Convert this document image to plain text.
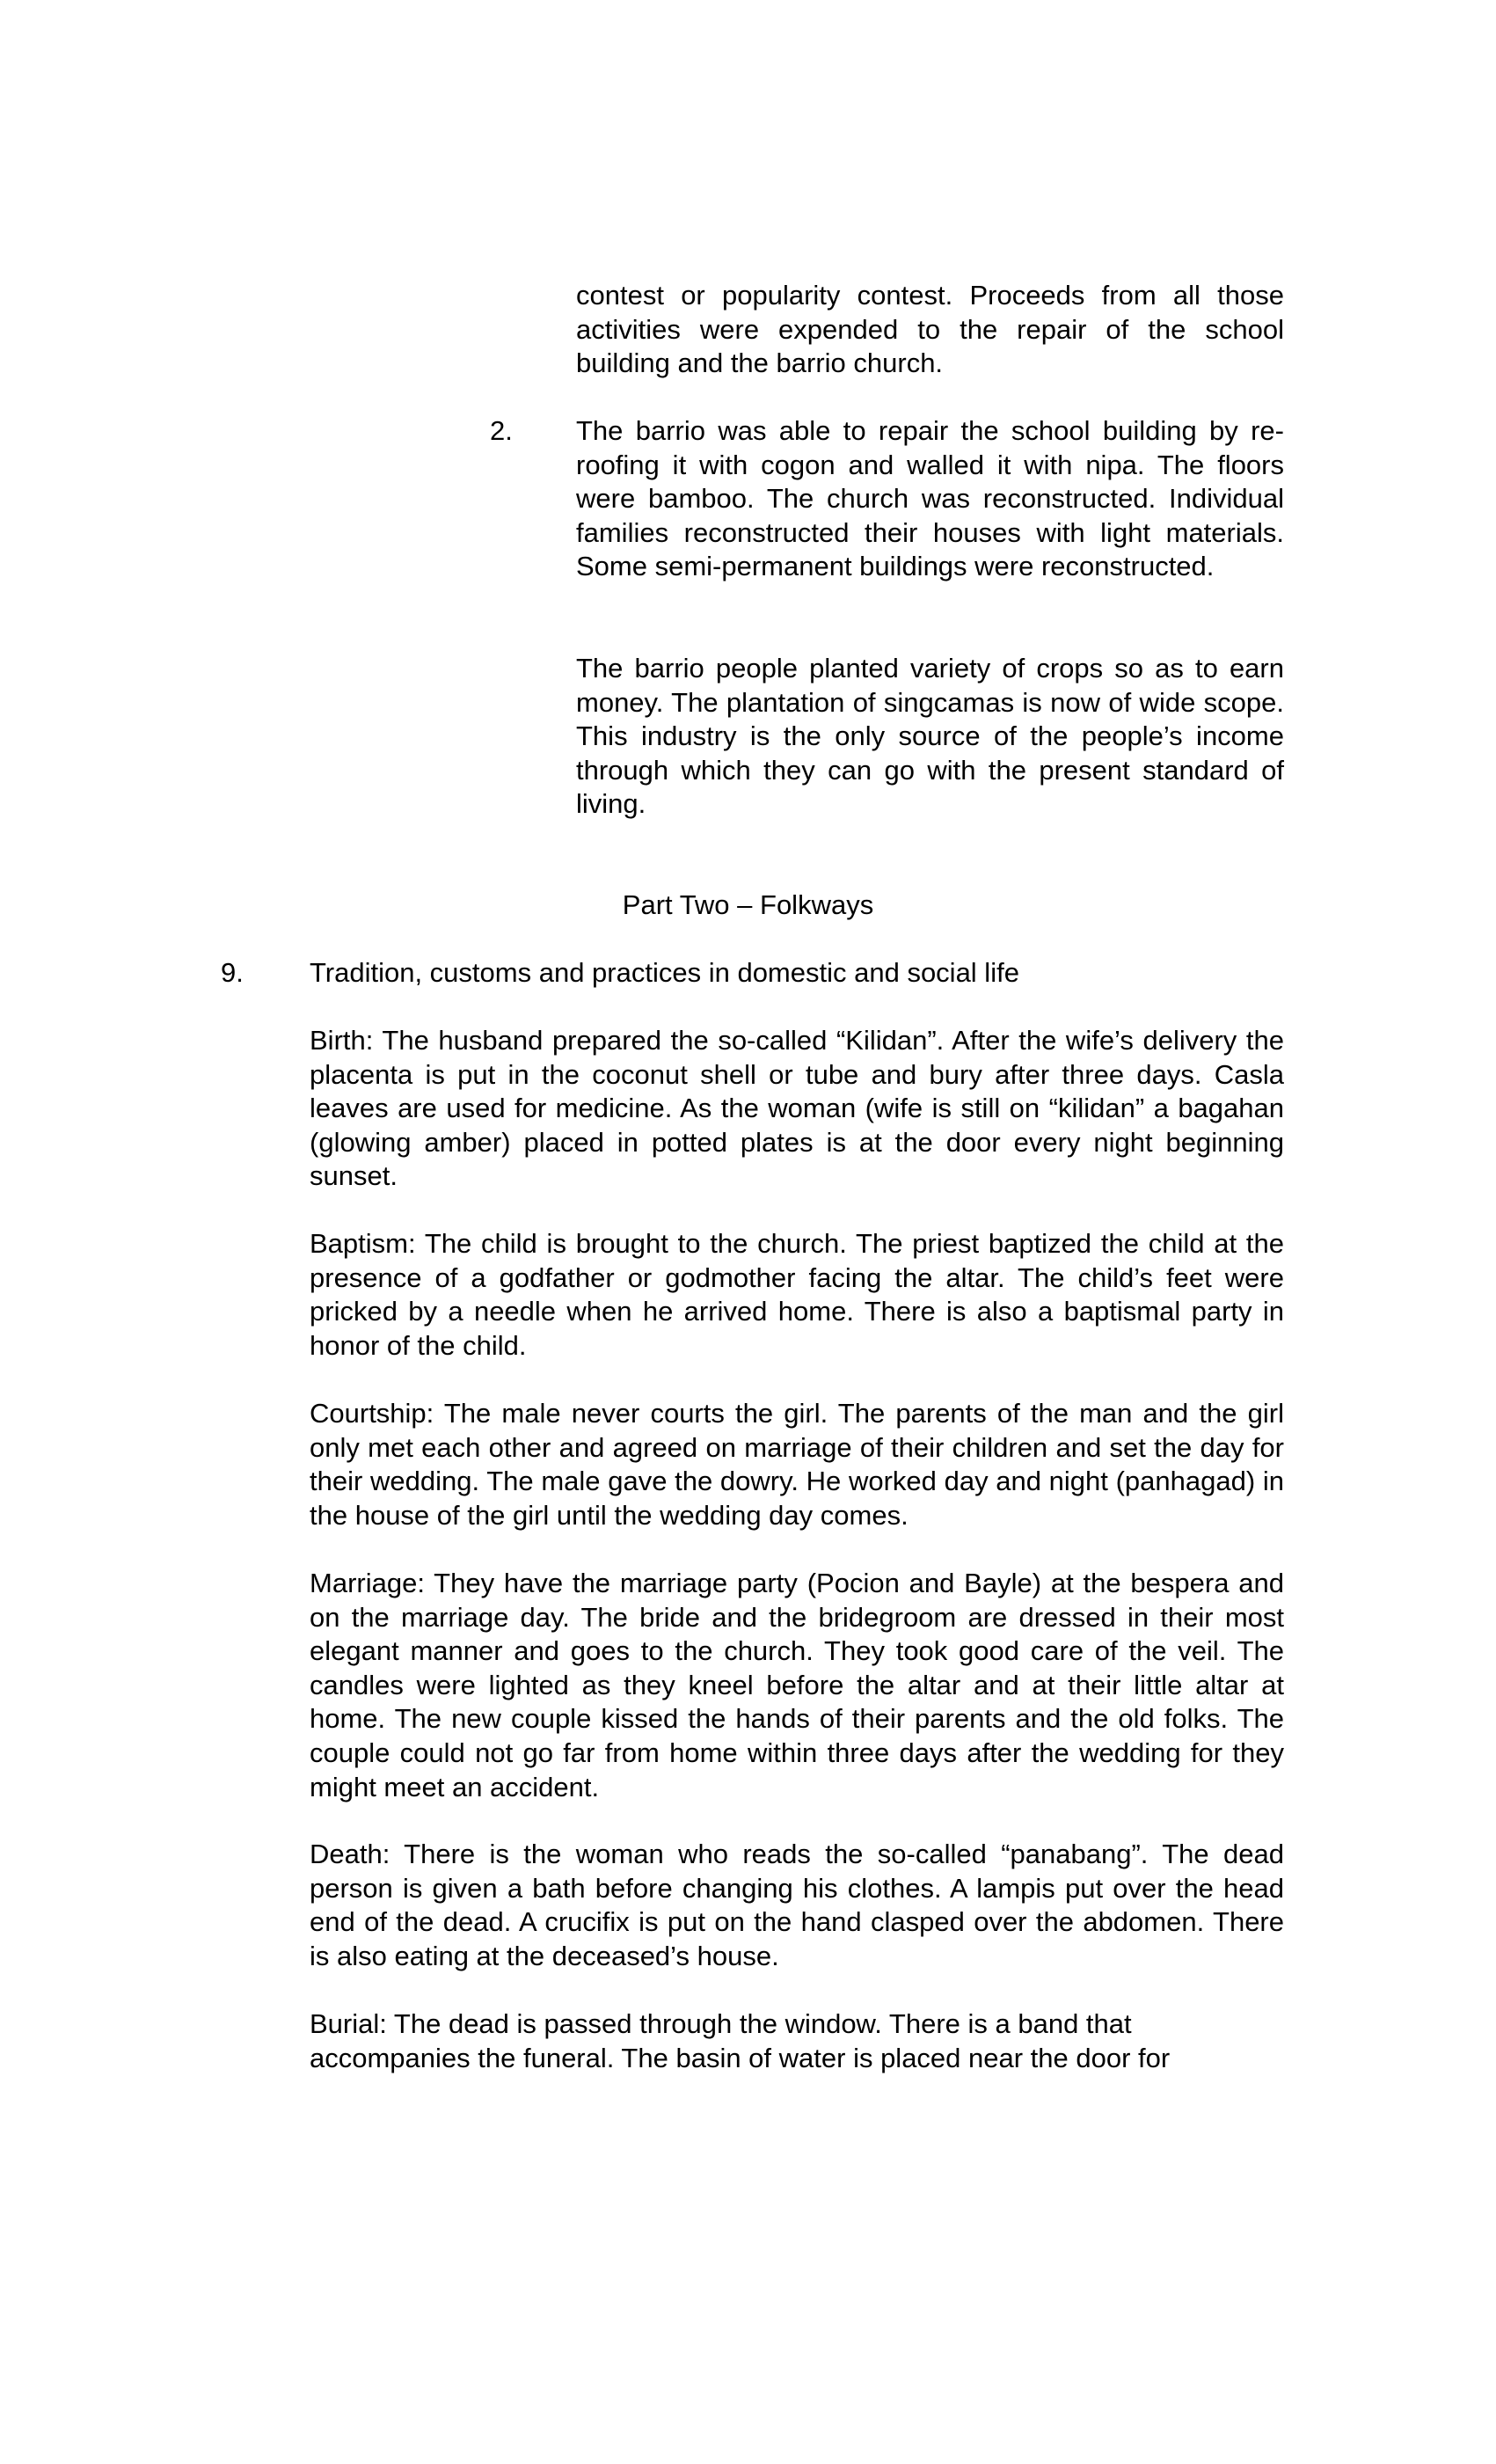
contest or popularity contest. Proceeds from all those activities were expended to the repair of the school building and the barrio church.

2. The barrio was able to repair the school building by re-roofing it with cogon and walled it with nipa. The floors were bamboo. The church was reconstructed. Individual families reconstructed their houses with light materials. Some semi-permanent buildings were reconstructed.

The barrio people planted variety of crops so as to earn money. The plantation of singcamas is now of wide scope. This industry is the only source of the people’s income through which they can go with the present standard of living.

Part Two – Folkways
9. Tradition, customs and practices in domestic and social life

Birth: The husband prepared the so-called “Kilidan”. After the wife’s delivery the placenta is put in the coconut shell or tube and bury after three days. Casla leaves are used for medicine. As the woman (wife is still on “kilidan” a bagahan (glowing amber) placed in potted plates is at the door every night beginning sunset.

Baptism: The child is brought to the church. The priest baptized the child at the presence of a godfather or godmother facing the altar. The child’s feet were pricked by a needle when he arrived home. There is also a baptismal party in honor of the child.

Courtship: The male never courts the girl. The parents of the man and the girl only met each other and agreed on marriage of their children and set the day for their wedding. The male gave the dowry. He worked day and night (panhagad) in the house of the girl until the wedding day comes.

Marriage: They have the marriage party (Pocion and Bayle) at the bespera and on the marriage day. The bride and the bridegroom are dressed in their most elegant manner and goes to the church. They took good care of the veil. The candles were lighted as they kneel before the altar and at their little altar at home. The new couple kissed the hands of their parents and the old folks. The couple could not go far from home within three days after the wedding for they might meet an accident.

Death: There is the woman who reads the so-called “panabang”. The dead person is given a bath before changing his clothes. A lampis put over the head end of the dead. A crucifix is put on the hand clasped over the abdomen. There is also eating at the deceased’s house.

Burial: The dead is passed through the window. There is a band that accompanies the funeral. The basin of water is placed near the door for
